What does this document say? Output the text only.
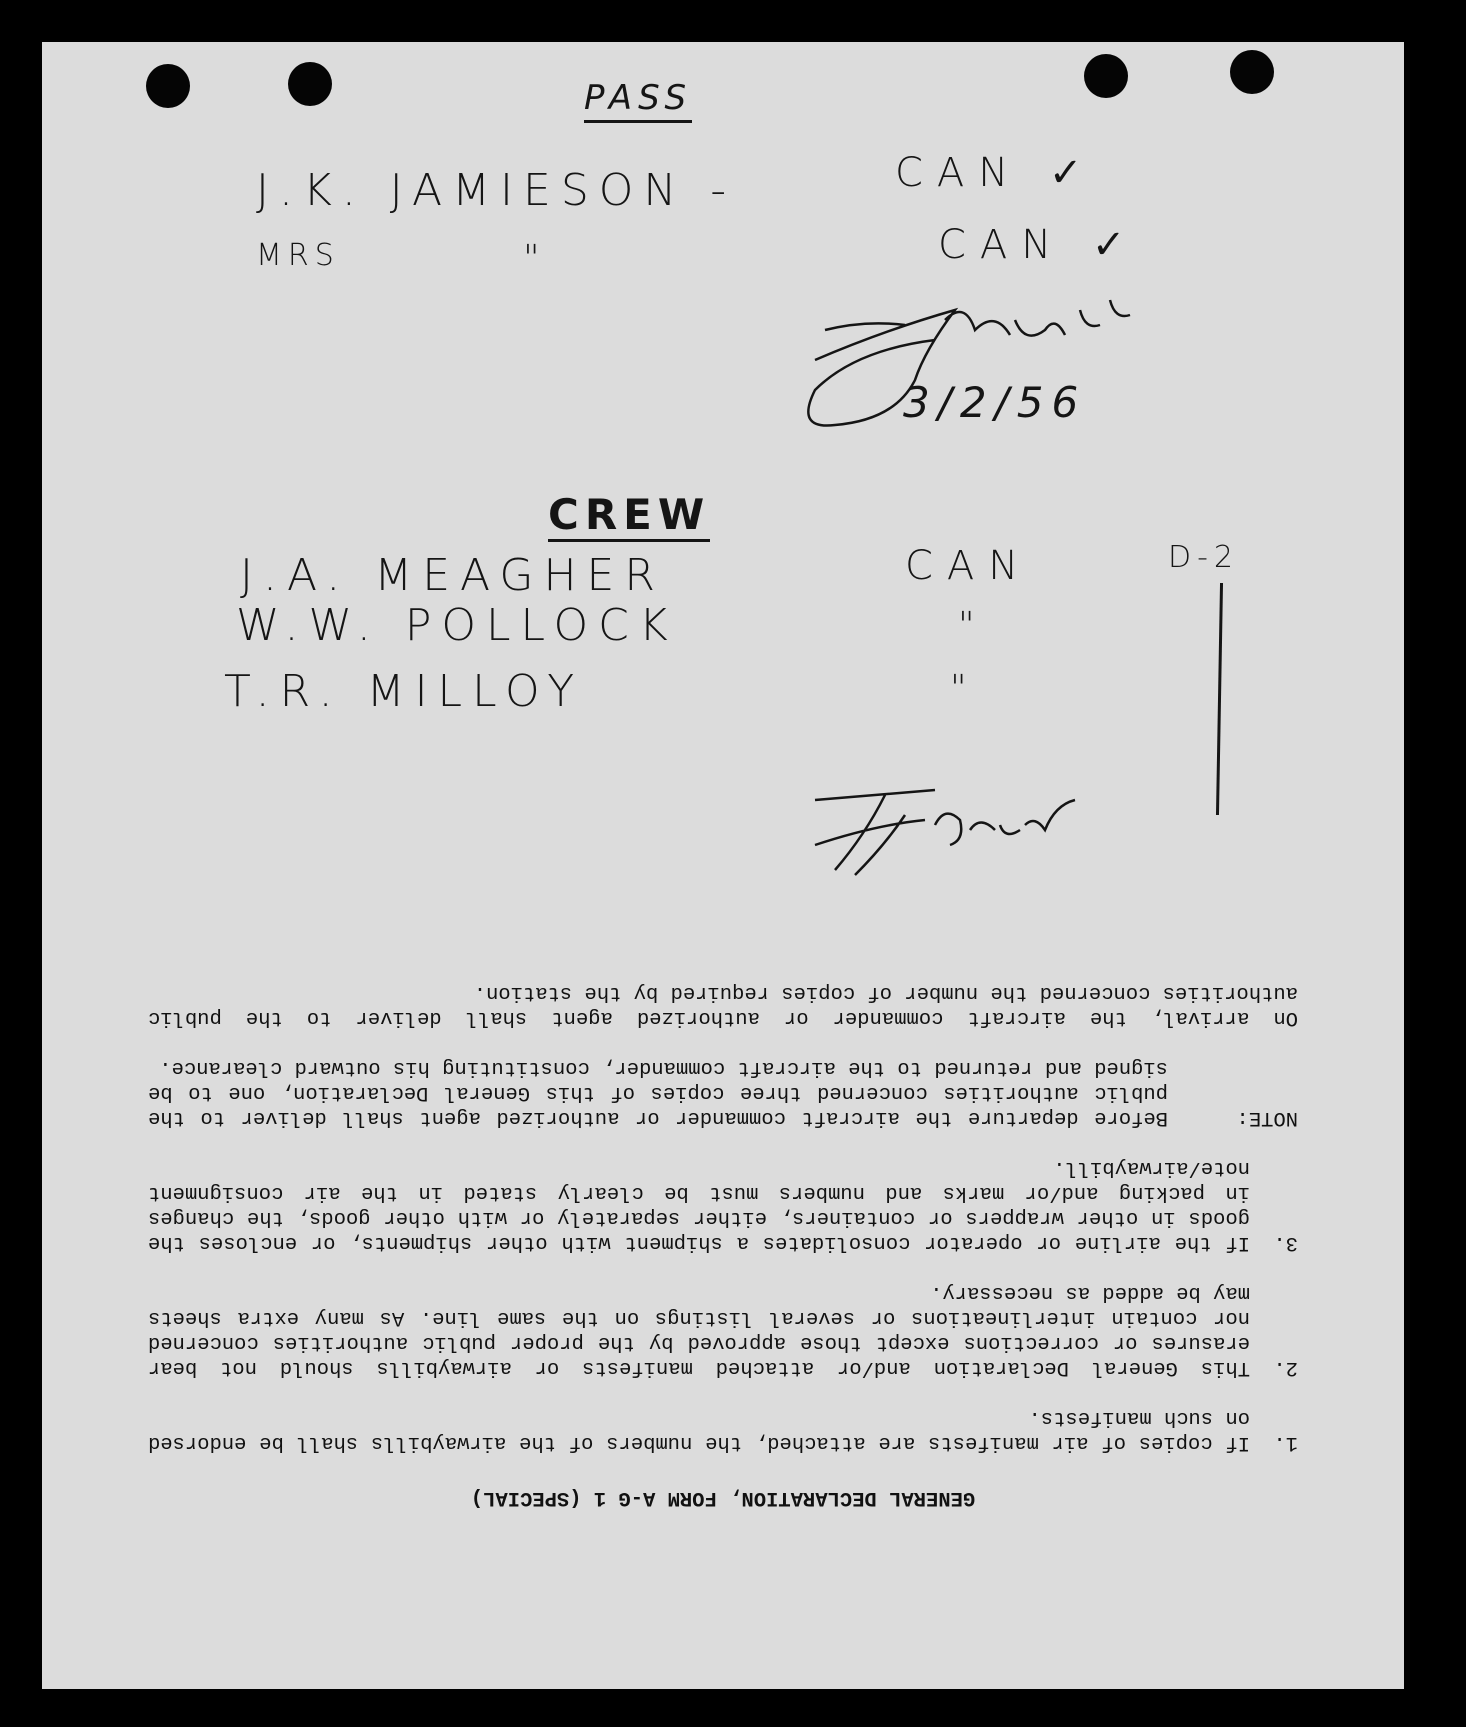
PASS
J.K. JAMIESON -	CAN ✓
MRS	"	CAN ✓
3/2/56
CREW
D-2
J.A. MEAGHER	CAN
W.W. POLLOCK	"
T.R. MILLOY	"

GENERAL DECLARATION, FORM A-G 1 (SPECIAL)

1.

If copies of air manifests are attached, the numbers of the airwaybills shall be endorsed on such manifests.

2.

This General Declaration and/or attached manifests or airwaybills should not bear erasures or corrections except those approved by the proper public authorities concerned nor contain interlineations or several listings on the same line. As many extra sheets may be added as necessary.

3.

If the airline or operator consolidates a shipment with other shipments, or encloses the goods in other wrappers or containers, either separately or with other goods, the changes in packing and/or marks and numbers must be clearly stated in the air consignment note/airwaybill.

NOTE:

Before departure the aircraft commander or authorized agent shall deliver to the public authorities concerned three copies of this General Declaration, one to be signed and returned to the aircraft commander, constituting his outward clearance.

On arrival, the aircraft commander or authorized agent shall deliver to the public authorities concerned the number of copies required by the station.
